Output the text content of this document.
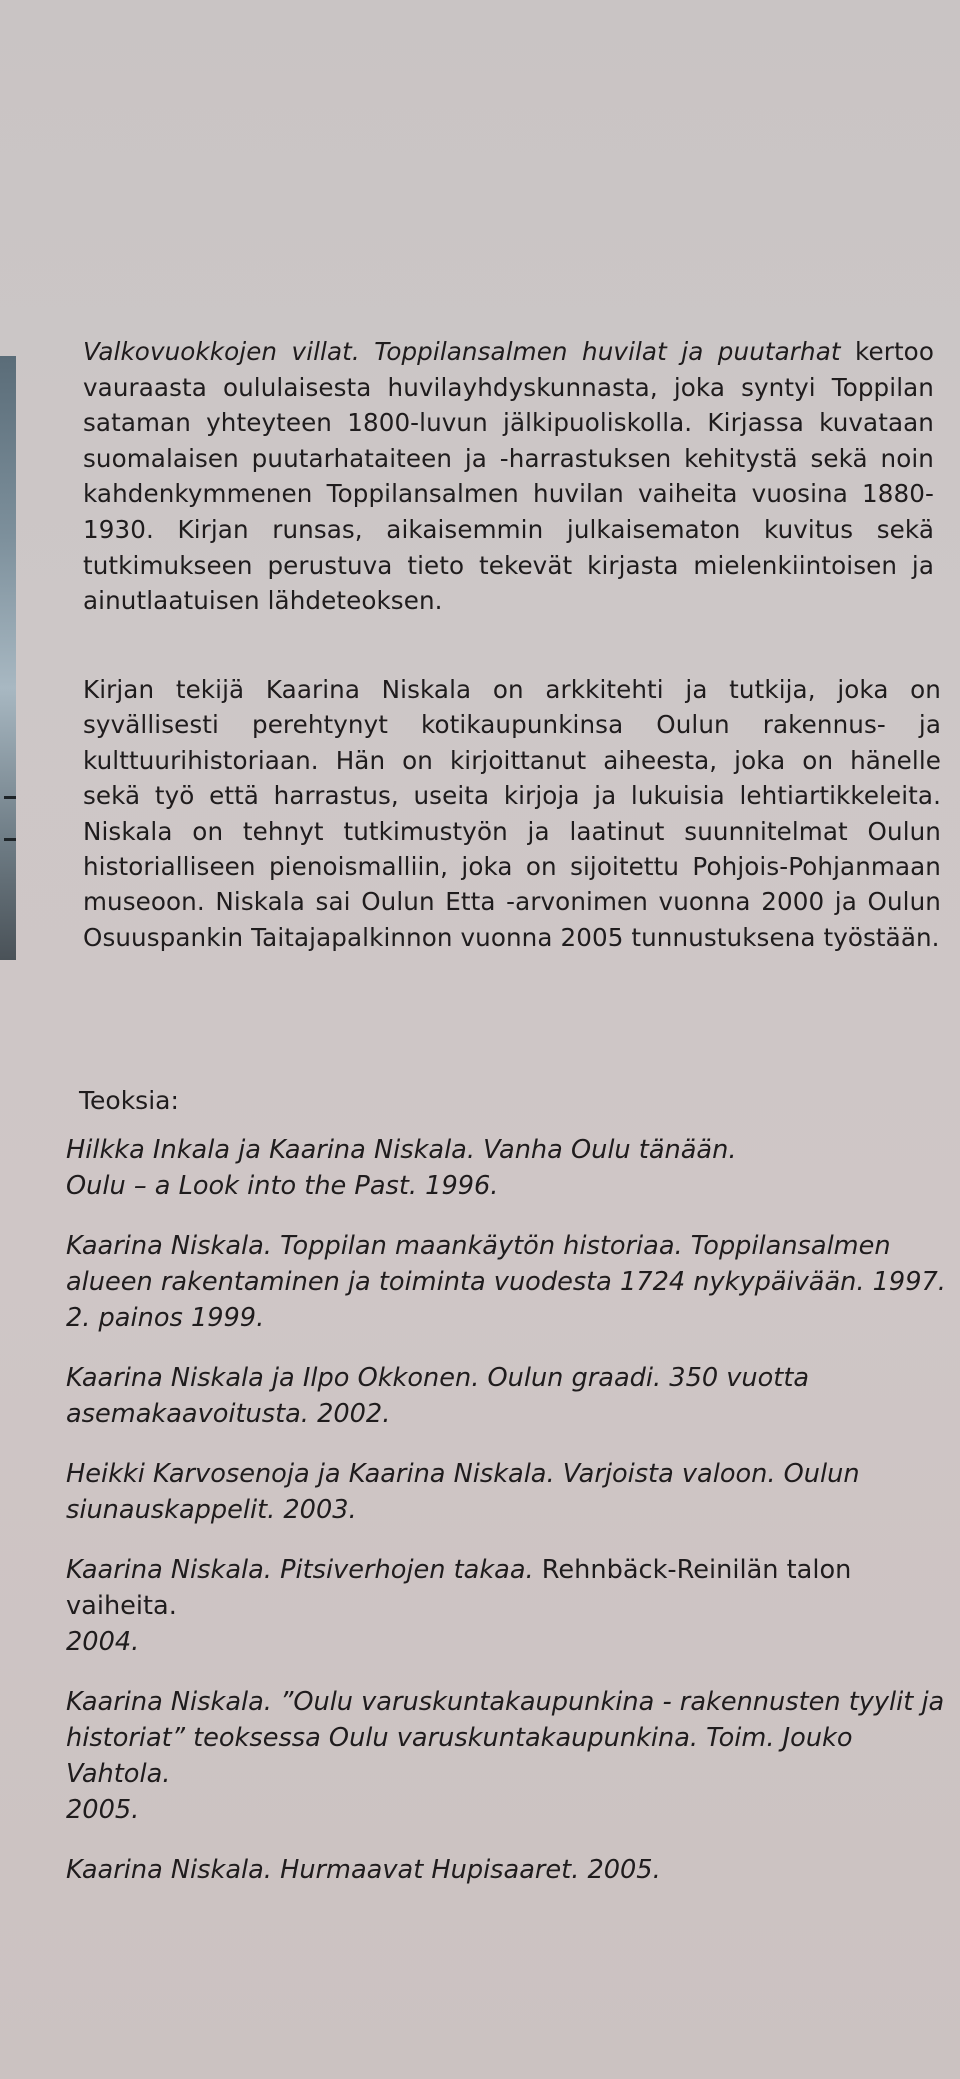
Valkovuokkojen villat. Toppilansalmen huvilat ja puutarhat kertoo vauraasta oululaisesta huvilayhdyskunnasta, joka syntyi Toppilan sataman yhteyteen 1800-luvun jälkipuoliskolla. Kirjassa kuvataan suomalaisen puutarhataiteen ja -harrastuksen kehitystä sekä noin kahdenkymmenen Toppilansalmen huvilan vaiheita vuosina 1880-1930. Kirjan runsas, aikaisemmin julkaisematon kuvitus sekä tutkimukseen perustuva tieto tekevät kirjasta mielenkiintoisen ja ainutlaatuisen lähdeteoksen.

Kirjan tekijä Kaarina Niskala on arkkitehti ja tutkija, joka on syvällisesti perehtynyt kotikaupunkinsa Oulun rakennus- ja kulttuurihistoriaan. Hän on kirjoittanut aiheesta, joka on hänelle sekä työ että harrastus, useita kirjoja ja lukuisia lehtiartikkeleita. Niskala on tehnyt tutkimustyön ja laatinut suunnitelmat Oulun historialliseen pienoismalliin, joka on sijoitettu Pohjois-Pohjanmaan museoon. Niskala sai Oulun Etta -arvonimen vuonna 2000 ja Oulun Osuuspankin Taitajapalkinnon vuonna 2005 tunnustuksena työstään.

Teoksia:
Hilkka Inkala ja Kaarina Niskala. Vanha Oulu tänään.
Oulu – a Look into the Past. 1996.
Kaarina Niskala. Toppilan maankäytön historiaa. Toppilansalmen
alueen rakentaminen ja toiminta vuodesta 1724 nykypäivään. 1997.
2. painos 1999.
Kaarina Niskala ja Ilpo Okkonen. Oulun graadi. 350 vuotta
asemakaavoitusta. 2002.
Heikki Karvosenoja ja Kaarina Niskala. Varjoista valoon. Oulun
siunauskappelit. 2003.
Kaarina Niskala. Pitsiverhojen takaa. Rehnbäck-Reinilän talon vaiheita.
2004.
Kaarina Niskala. ”Oulu varuskuntakaupunkina - rakennusten tyylit ja
historiat” teoksessa Oulu varuskuntakaupunkina. Toim. Jouko Vahtola.
2005.
Kaarina Niskala. Hurmaavat Hupisaaret. 2005.
